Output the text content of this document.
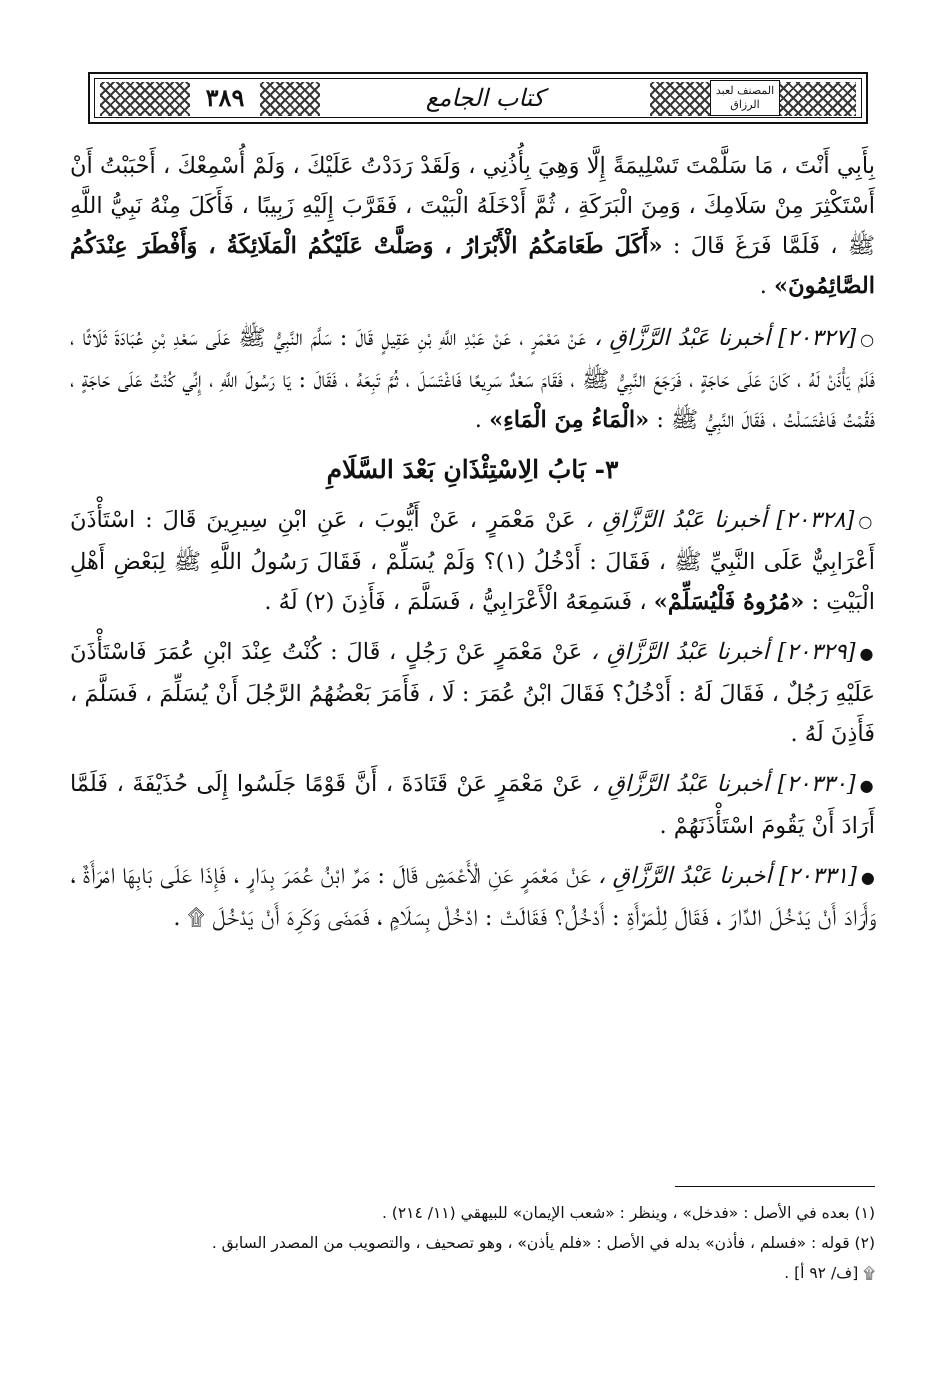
٣٨٩	كتاب الجامع	المصنف لعبد الرزاق

بِأَبِي أَنْتَ ، مَا سَلَّمْتَ تَسْلِيمَةً إِلَّا وَهِيَ بِأُذُنِي ، وَلَقَدْ رَدَدْتُ عَلَيْكَ ، وَلَمْ أُسْمِعْكَ ، أَحْبَبْتُ أَنْ أَسْتَكْثِرَ مِنْ سَلَامِكَ ، وَمِنَ الْبَرَكَةِ ، ثُمَّ أَدْخَلَهُ الْبَيْتَ ، فَقَرَّبَ إِلَيْهِ زَبِيبًا ، فَأَكَلَ مِنْهُ نَبِيُّ اللَّهِ ﷺ ، فَلَمَّا فَرَغَ قَالَ : «أَكَلَ طَعَامَكُمُ الْأَبْرَارُ ، وَصَلَّتْ عَلَيْكُمُ الْمَلَائِكَةُ ، وَأَفْطَرَ عِنْدَكُمُ الصَّائِمُونَ» .

○[٢٠٣٢٧] أخبرنا عَبْدُ الرَّزَّاقِ ، عَنْ مَعْمَرٍ ، عَنْ عَبْدِ اللَّهِ بْنِ عَقِيلٍ قَالَ : سَلَّمَ النَّبِيُّ ﷺ عَلَى سَعْدِ بْنِ عُبَادَةَ ثَلَاثًا ، فَلَمْ يَأْذَنْ لَهُ ، كَانَ عَلَى حَاجَةٍ ، فَرَجَعَ النَّبِيُّ ﷺ ، فَقَامَ سَعْدٌ سَرِيعًا فَاغْتَسَلَ ، ثُمَّ تَبِعَهُ ، فَقَالَ : يَا رَسُولَ اللَّهِ ، إِنِّي كُنْتُ عَلَى حَاجَةٍ ، فَقُمْتُ فَاغْتَسَلْتُ ، فَقَالَ النَّبِيُّ ﷺ : «الْمَاءُ مِنَ الْمَاءِ» .

٣- بَابُ الِاسْتِئْذَانِ بَعْدَ السَّلَامِ

○[٢٠٣٢٨] أخبرنا عَبْدُ الرَّزَّاقِ ، عَنْ مَعْمَرٍ ، عَنْ أَيُّوبَ ، عَنِ ابْنِ سِيرِينَ قَالَ : اسْتَأْذَنَ أَعْرَابِيٌّ عَلَى النَّبِيِّ ﷺ ، فَقَالَ : أَدْخُلُ (١)؟ وَلَمْ يُسَلِّمْ ، فَقَالَ رَسُولُ اللَّهِ ﷺ لِبَعْضِ أَهْلِ الْبَيْتِ : «مُرُوهُ فَلْيُسَلِّمْ» ، فَسَمِعَهُ الْأَعْرَابِيُّ ، فَسَلَّمَ ، فَأَذِنَ (٢) لَهُ .

●[٢٠٣٢٩] أخبرنا عَبْدُ الرَّزَّاقِ ، عَنْ مَعْمَرٍ عَنْ رَجُلٍ ، قَالَ : كُنْتُ عِنْدَ ابْنِ عُمَرَ فَاسْتَأْذَنَ عَلَيْهِ رَجُلٌ ، فَقَالَ لَهُ : أَدْخُلُ؟ فَقَالَ ابْنُ عُمَرَ : لَا ، فَأَمَرَ بَعْضُهُمُ الرَّجُلَ أَنْ يُسَلِّمَ ، فَسَلَّمَ ، فَأَذِنَ لَهُ .

●[٢٠٣٣٠] أخبرنا عَبْدُ الرَّزَّاقِ ، عَنْ مَعْمَرٍ عَنْ قَتَادَةَ ، أَنَّ قَوْمًا جَلَسُوا إِلَى حُذَيْفَةَ ، فَلَمَّا أَرَادَ أَنْ يَقُومَ اسْتَأْذَنَهُمْ .

●[٢٠٣٣١] أخبرنا عَبْدُ الرَّزَّاقِ ، عَنْ مَعْمَرٍ عَنِ الْأَعْمَشِ قَالَ : مَرَّ ابْنُ عُمَرَ بِدَارٍ ، فَإِذَا عَلَى بَابِهَا امْرَأَةٌ ، وَأَرَادَ أَنْ يَدْخُلَ الدَّارَ ، فَقَالَ لِلْمَرْأَةِ : أَدْخُلُ؟ فَقَالَتْ : ادْخُلْ بِسَلَامٍ ، فَمَضَى وَكَرِهَ أَنْ يَدْخُلَ ۩ .

(١) بعده في الأصل : «فدخل» ، وينظر : «شعب الإيمان» للبيهقي (١١/ ٢١٤) .
(٢) قوله : «فسلم ، فأذن» بدله في الأصل : «فلم يأذن» ، وهو تصحيف ، والتصويب من المصدر السابق .
۩ [ف/ ٩٢ أ] .
